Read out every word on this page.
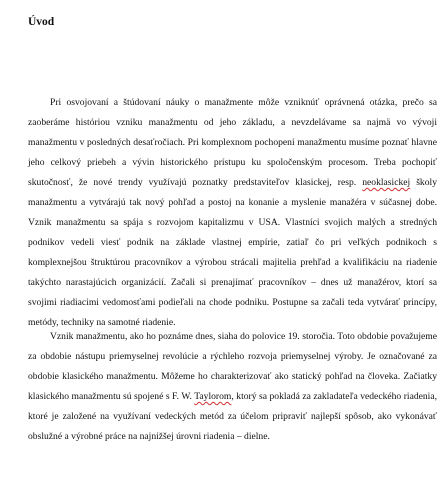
Úvod

Pri osvojovaní a štúdovaní náuky o manažmente môže vzniknúť oprávnená otázka, prečo sa zaoberáme históriou vzniku manažmentu od jeho základu, a nevzdelávame sa najmä vo vývoji manažmentu v posledných desaťročiach. Pri komplexnom pochopení manažmentu musíme poznať hlavne jeho celkový priebeh a vývin historického prístupu ku spoločenským procesom. Treba pochopiť skutočnosť, že nové trendy využívajú poznatky predstaviteľov klasickej, resp. neoklasickej školy manažmentu a vytvárajú tak nový pohľad a postoj na konanie a myslenie manažéra v súčasnej dobe. Vznik manažmentu sa spája s rozvojom kapitalizmu v USA. Vlastníci svojich malých a stredných podnikov vedeli viesť podnik na základe vlastnej empírie, zatiaľ čo pri veľkých podnikoch s komplexnejšou štruktúrou pracovníkov a výrobou strácali majitelia prehľad a kvalifikáciu na riadenie takýchto narastajúcich organizácií. Začali si prenajímať pracovníkov – dnes už manažérov, ktorí sa svojimi riadiacimi vedomosťami podieľali na chode podniku. Postupne sa začali teda vytvárať princípy, metódy, techniky na samotné riadenie.

Vznik manažmentu, ako ho poznáme dnes, siaha do polovice 19. storočia. Toto obdobie považujeme za obdobie nástupu priemyselnej revolúcie a rýchleho rozvoja priemyselnej výroby. Je označované za obdobie klasického manažmentu. Môžeme ho charakterizovať ako statický pohľad na človeka. Začiatky klasického manažmentu sú spojené s F. W. Taylorom, ktorý sa pokladá za zakladateľa vedeckého riadenia, ktoré je založené na využívaní vedeckých metód za účelom pripraviť najlepší spôsob, ako vykonávať obslužné a výrobné práce na najnižšej úrovni riadenia – dielne.
